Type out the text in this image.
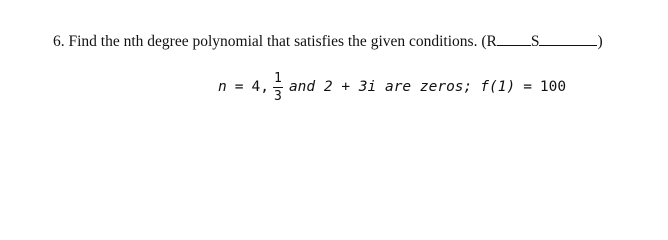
6. Find the nth degree polynomial that satisfies the given conditions. (R S	)
n = 4, $\frac{1}{3}$ and 2 + 3i are zeros; f(1) = 100
